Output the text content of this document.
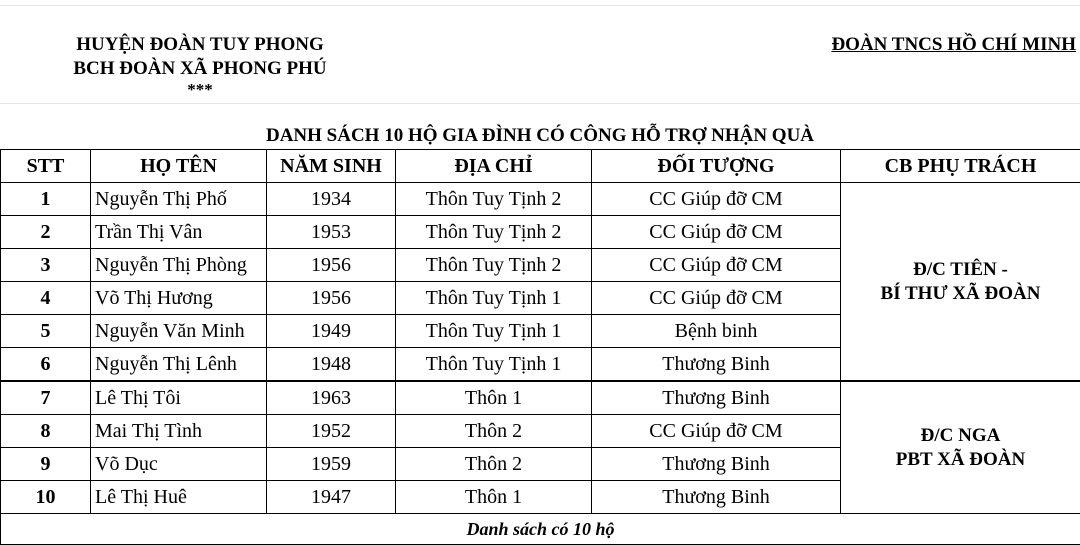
HUYỆN ĐOÀN TUY PHONG
BCH ĐOÀN XÃ PHONG PHÚ
***
ĐOÀN TNCS HỒ CHÍ MINH
DANH SÁCH 10 HỘ GIA ĐÌNH CÓ CÔNG HỖ TRỢ NHẬN QUÀ
STT	HỌ TÊN	NĂM SINH	ĐỊA CHỈ	ĐỐI TƯỢNG	CB PHỤ TRÁCH
1	Nguyễn Thị Phố	1934	Thôn Tuy Tịnh 2	CC Giúp đỡ CM	Đ/C TIÊN -
BÍ THƯ XÃ ĐOÀN

2	Trần Thị Vân	1953	Thôn Tuy Tịnh 2	CC Giúp đỡ CM	
3	Nguyễn Thị Phòng	1956	Thôn Tuy Tịnh 2	CC Giúp đỡ CM	
4	Võ Thị Hương	1956	Thôn Tuy Tịnh 1	CC Giúp đỡ CM	
5	Nguyễn Văn Minh	1949	Thôn Tuy Tịnh 1	Bệnh binh	
6	Nguyễn Thị Lênh	1948	Thôn Tuy Tịnh 1	Thương Binh	
7	Lê Thị Tôi	1963	Thôn 1	Thương Binh	Đ/C NGA
PBT XÃ ĐOÀN

8	Mai Thị Tình	1952	Thôn 2	CC Giúp đỡ CM	
9	Võ Dục	1959	Thôn 2	Thương Binh	
10	Lê Thị Huê	1947	Thôn 1	Thương Binh	
Danh sách có 10 hộ					
